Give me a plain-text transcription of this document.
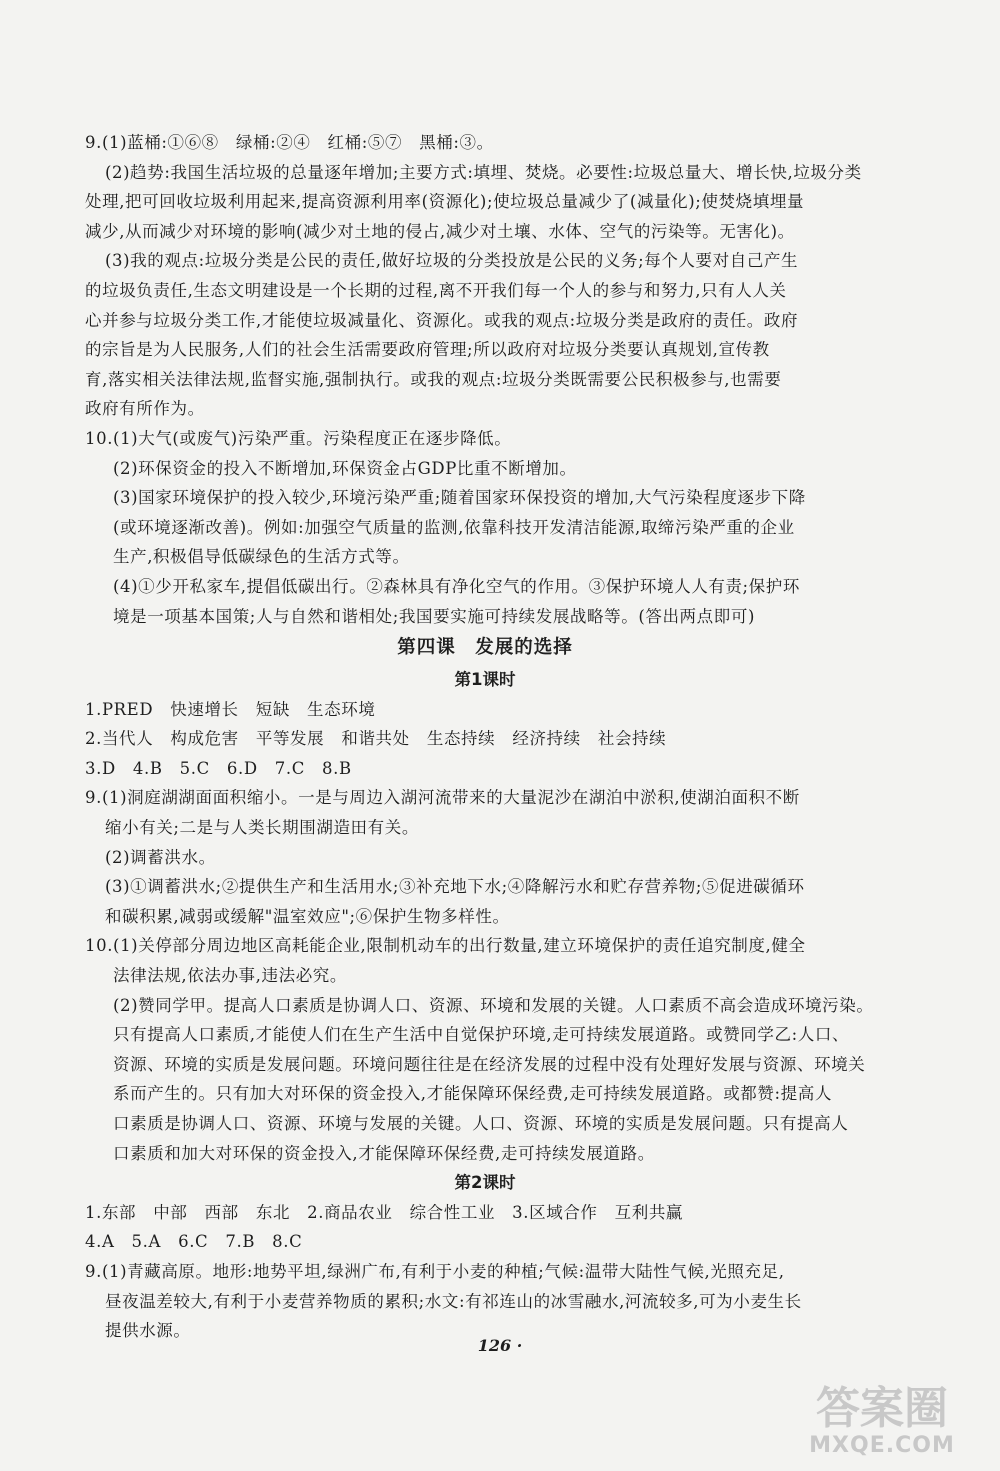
9.(1)蓝桶:①⑥⑧　绿桶:②④　红桶:⑤⑦　黑桶:③。
(2)趋势:我国生活垃圾的总量逐年增加;主要方式:填埋、焚烧。必要性:垃圾总量大、增长快,垃圾分类
处理,把可回收垃圾利用起来,提高资源利用率(资源化);使垃圾总量减少了(减量化);使焚烧填埋量
减少,从而减少对环境的影响(减少对土地的侵占,减少对土壤、水体、空气的污染等。无害化)。
(3)我的观点:垃圾分类是公民的责任,做好垃圾的分类投放是公民的义务;每个人要对自己产生
的垃圾负责任,生态文明建设是一个长期的过程,离不开我们每一个人的参与和努力,只有人人关
心并参与垃圾分类工作,才能使垃圾减量化、资源化。或我的观点:垃圾分类是政府的责任。政府
的宗旨是为人民服务,人们的社会生活需要政府管理;所以政府对垃圾分类要认真规划,宣传教
育,落实相关法律法规,监督实施,强制执行。或我的观点:垃圾分类既需要公民积极参与,也需要
政府有所作为。
10.(1)大气(或废气)污染严重。污染程度正在逐步降低。
(2)环保资金的投入不断增加,环保资金占GDP比重不断增加。
(3)国家环境保护的投入较少,环境污染严重;随着国家环保投资的增加,大气污染程度逐步下降
(或环境逐渐改善)。例如:加强空气质量的监测,依靠科技开发清洁能源,取缔污染严重的企业
生产,积极倡导低碳绿色的生活方式等。
(4)①少开私家车,提倡低碳出行。②森林具有净化空气的作用。③保护环境人人有责;保护环
境是一项基本国策;人与自然和谐相处;我国要实施可持续发展战略等。(答出两点即可)
第四课　发展的选择
第1课时
1.PRED　快速增长　短缺　生态环境
2.当代人　构成危害　平等发展　和谐共处　生态持续　经济持续　社会持续
3.D　4.B　5.C　6.D　7.C　8.B
9.(1)洞庭湖湖面面积缩小。一是与周边入湖河流带来的大量泥沙在湖泊中淤积,使湖泊面积不断
缩小有关;二是与人类长期围湖造田有关。
(2)调蓄洪水。
(3)①调蓄洪水;②提供生产和生活用水;③补充地下水;④降解污水和贮存营养物;⑤促进碳循环
和碳积累,减弱或缓解"温室效应";⑥保护生物多样性。
10.(1)关停部分周边地区高耗能企业,限制机动车的出行数量,建立环境保护的责任追究制度,健全
法律法规,依法办事,违法必究。
(2)赞同学甲。提高人口素质是协调人口、资源、环境和发展的关键。人口素质不高会造成环境污染。
只有提高人口素质,才能使人们在生产生活中自觉保护环境,走可持续发展道路。或赞同学乙:人口、
资源、环境的实质是发展问题。环境问题往往是在经济发展的过程中没有处理好发展与资源、环境关
系而产生的。只有加大对环保的资金投入,才能保障环保经费,走可持续发展道路。或都赞:提高人
口素质是协调人口、资源、环境与发展的关键。人口、资源、环境的实质是发展问题。只有提高人
口素质和加大对环保的资金投入,才能保障环保经费,走可持续发展道路。
第2课时
1.东部　中部　西部　东北　2.商品农业　综合性工业　3.区域合作　互利共赢
4.A　5.A　6.C　7.B　8.C
9.(1)青藏高原。地形:地势平坦,绿洲广布,有利于小麦的种植;气候:温带大陆性气候,光照充足,
昼夜温差较大,有利于小麦营养物质的累积;水文:有祁连山的冰雪融水,河流较多,可为小麦生长
提供水源。
126 ·
答案圈
MXQE.COM
